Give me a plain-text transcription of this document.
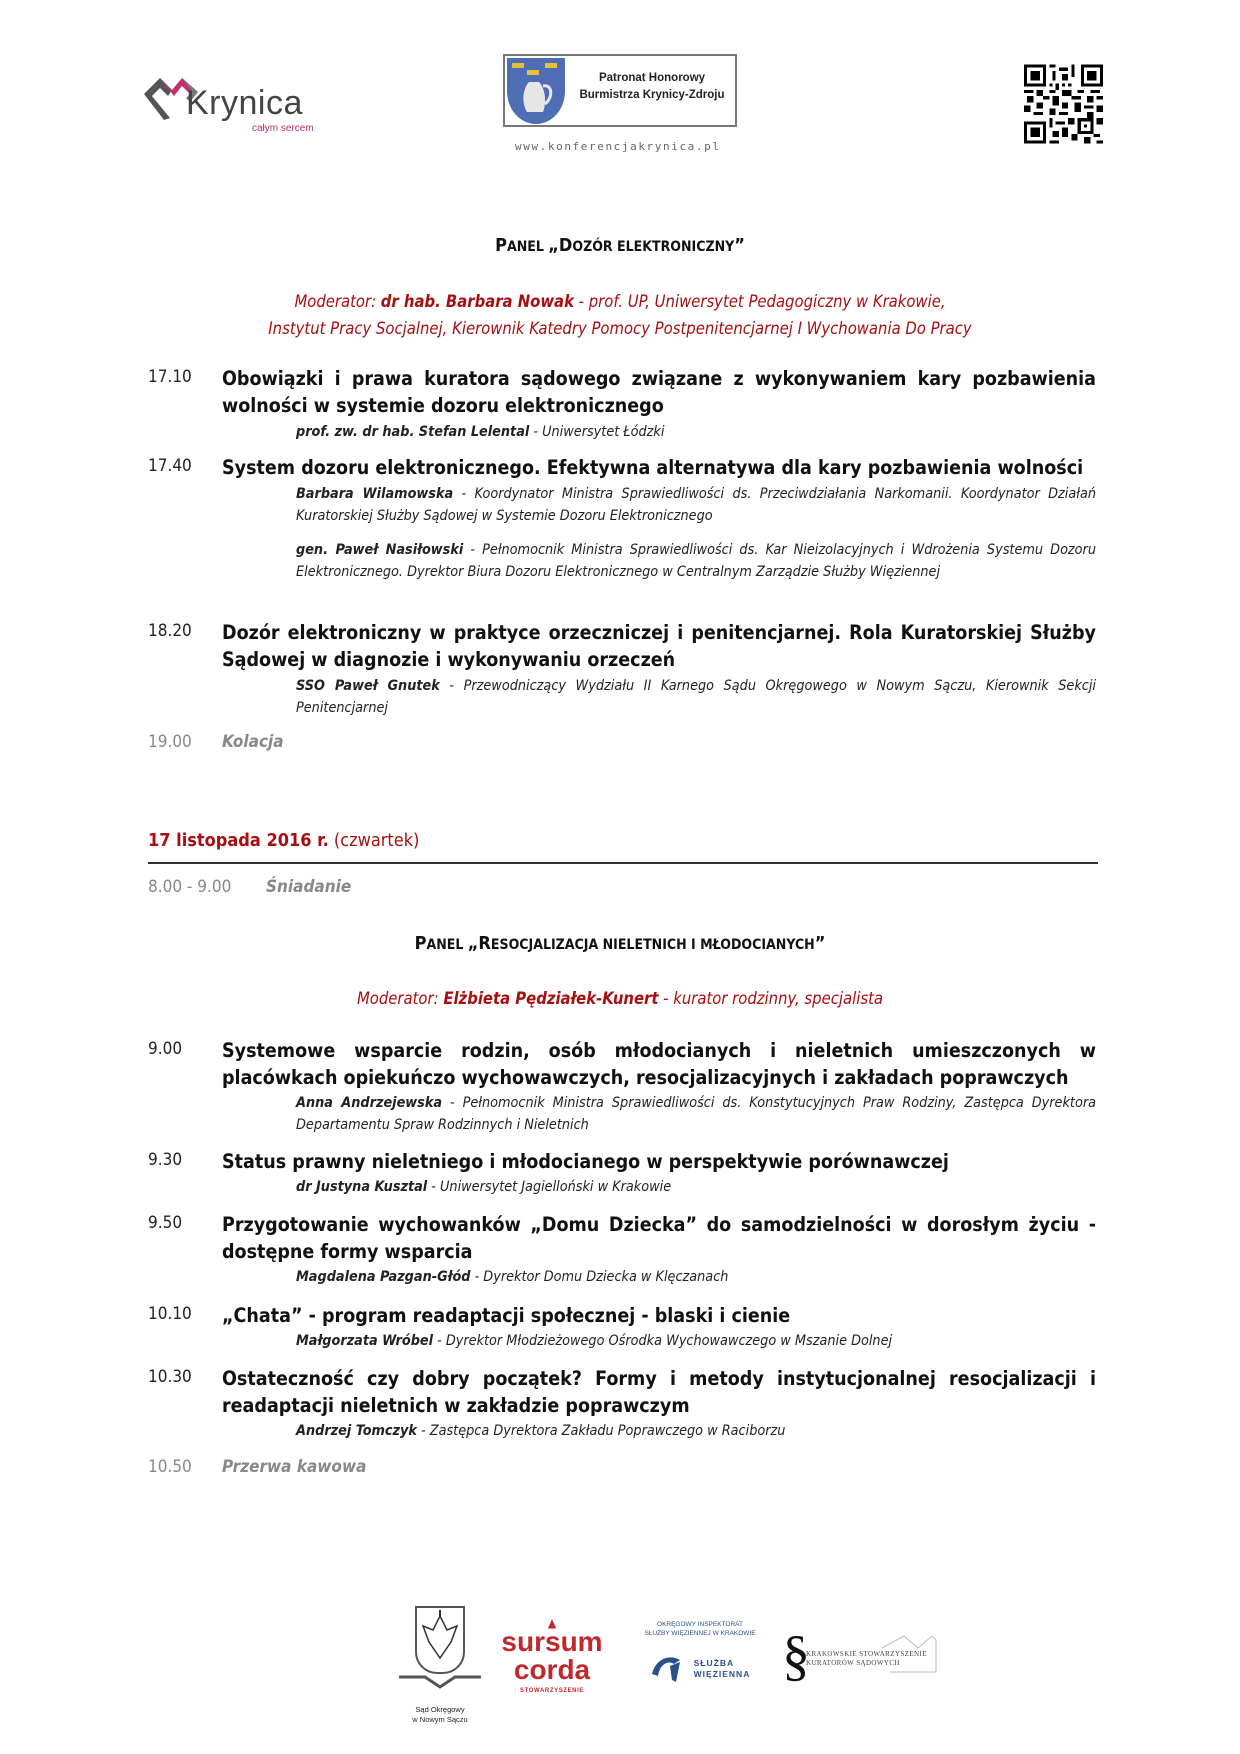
Krynica
całym sercem
Patronat Honorowy
Burmistrza Krynicy-Zdroju
www.konferencjakrynica.pl
PANEL „DOZÓR ELEKTRONICZNY”
Moderator: dr hab. Barbara Nowak - prof. UP, Uniwersytet Pedagogiczny w Krakowie,
Instytut Pracy Socjalnej, Kierownik Katedry Pomocy Postpenitencjarnej I Wychowania Do Pracy
17.10 Obowiązki i prawa kuratora sądowego związane z wykonywaniem kary pozbawienia wolności w systemie dozoru elektronicznego
prof. zw. dr hab. Stefan Lelental - Uniwersytet Łódzki
17.40 System dozoru elektronicznego. Efektywna alternatywa dla kary pozbawienia wolności
Barbara Wilamowska - Koordynator Ministra Sprawiedliwości ds. Przeciwdziałania Narkomanii. Koordynator Działań Kuratorskiej Służby Sądowej w Systemie Dozoru Elektronicznego
gen. Paweł Nasiłowski - Pełnomocnik Ministra Sprawiedliwości ds. Kar Nieizolacyjnych i Wdrożenia Systemu Dozoru Elektronicznego. Dyrektor Biura Dozoru Elektronicznego w Centralnym Zarządzie Służby Więziennej
18.20 Dozór elektroniczny w praktyce orzeczniczej i penitencjarnej. Rola Kuratorskiej Służby Sądowej w diagnozie i wykonywaniu orzeczeń
SSO Paweł Gnutek - Przewodniczący Wydziału II Karnego Sądu Okręgowego w Nowym Sączu, Kierownik Sekcji Penitencjarnej
19.00 Kolacja
17 listopada 2016 r. (czwartek)
8.00 - 9.00 Śniadanie
PANEL „RESOCJALIZACJA NIELETNICH I MŁODOCIANYCH”
Moderator: Elżbieta Pędziałek-Kunert - kurator rodzinny, specjalista
9.00 Systemowe wsparcie rodzin, osób młodocianych i nieletnich umieszczonych w placówkach opiekuńczo wychowawczych, resocjalizacyjnych i zakładach poprawczych
Anna Andrzejewska - Pełnomocnik Ministra Sprawiedliwości ds. Konstytucyjnych Praw Rodziny, Zastępca Dyrektora Departamentu Spraw Rodzinnych i Nieletnich
9.30 Status prawny nieletniego i młodocianego w perspektywie porównawczej
dr Justyna Kusztal - Uniwersytet Jagielloński w Krakowie
9.50 Przygotowanie wychowanków „Domu Dziecka” do samodzielności w dorosłym życiu - dostępne formy wsparcia
Magdalena Pazgan-Głód - Dyrektor Domu Dziecka w Klęczanach
10.10 „Chata” - program readaptacji społecznej - blaski i cienie
Małgorzata Wróbel - Dyrektor Młodzieżowego Ośrodka Wychowawczego w Mszanie Dolnej
10.30 Ostateczność czy dobry początek? Formy i metody instytucjonalnej resocjalizacji i readaptacji nieletnich w zakładzie poprawczym
Andrzej Tomczyk - Zastępca Dyrektora Zakładu Poprawczego w Raciborzu
10.50 Przerwa kawowa
Sąd Okręgowy
w Nowym Sączu
▲
sursum
corda
STOWARZYSZENIE
OKRĘGOWY INSPEKTORAT
SŁUŻBY WIĘZIENNEJ W KRAKOWIE
SŁUŻBA
WIĘZIENNA §
KRAKOWSKIE STOWARZYSZENIE
KURATORÓW SĄDOWYCH
